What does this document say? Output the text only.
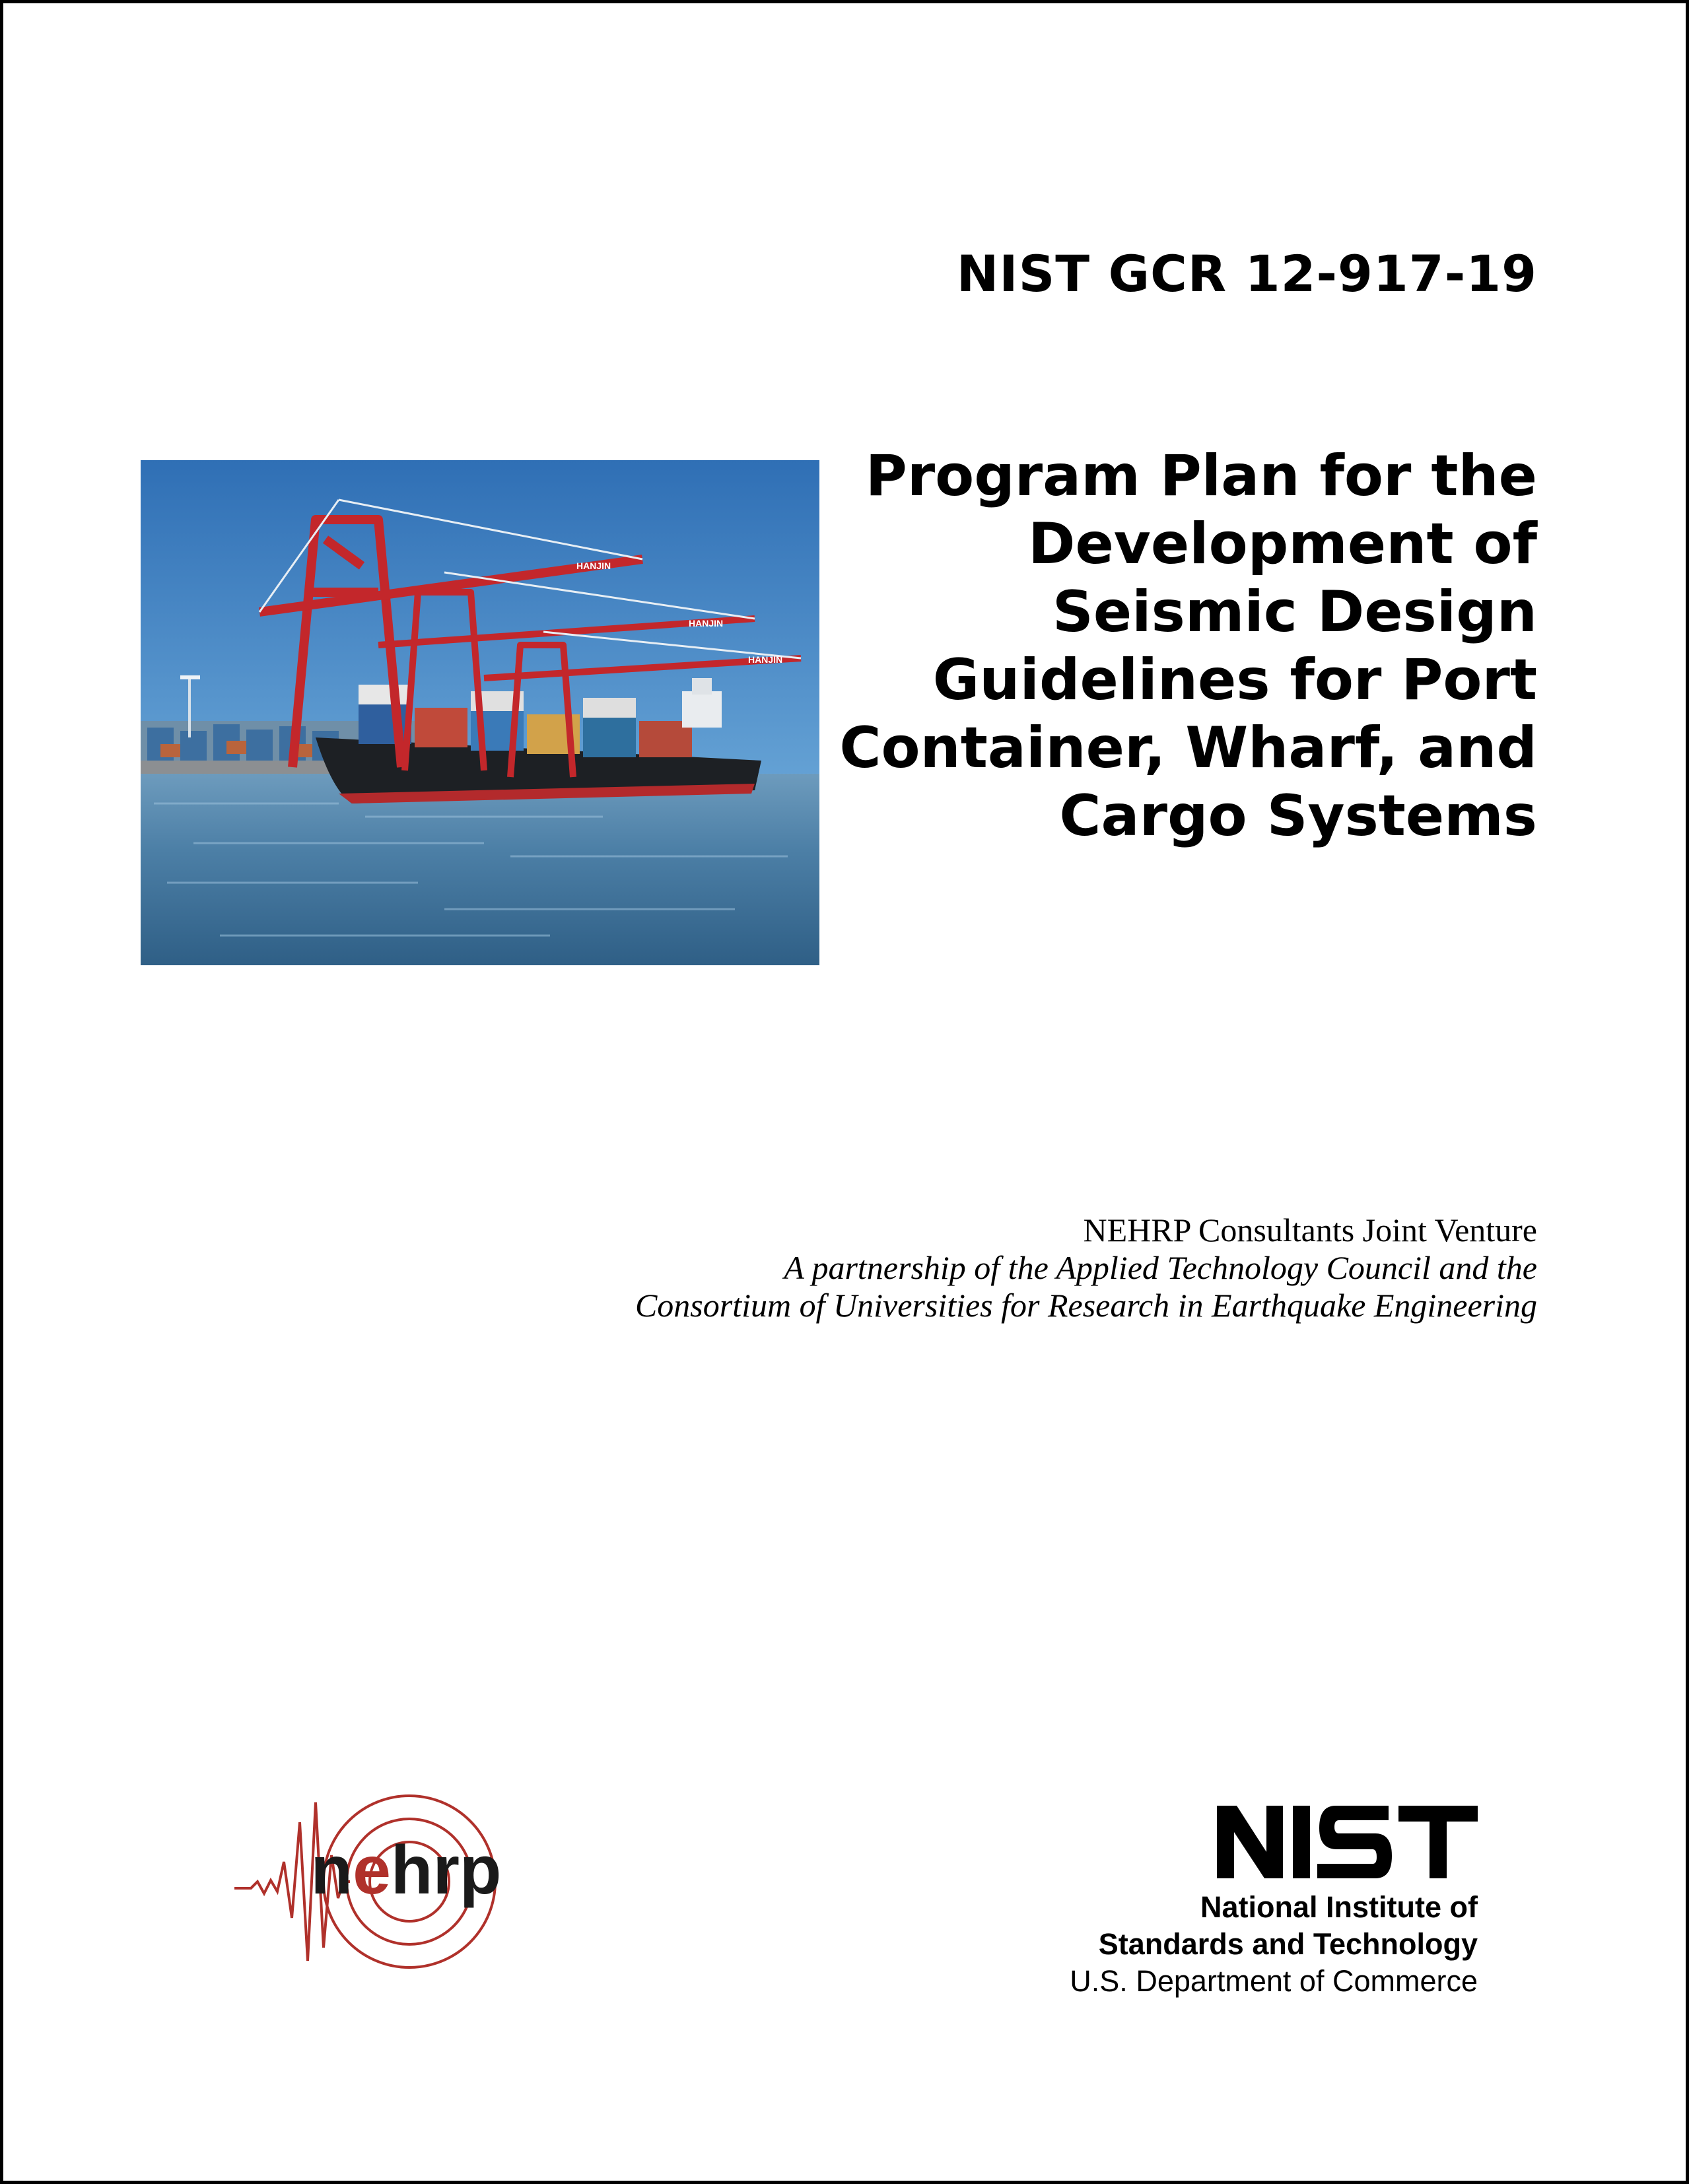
NIST GCR 12-917-19
Program Plan for the
Development of
Seismic Design
Guidelines for Port
Container, Wharf, and
Cargo Systems
HANJIN
HANJIN
HANJIN
NEHRP Consultants Joint Venture
A partnership of the Applied Technology Council and the
Consortium of Universities for Research in Earthquake Engineering
nehrp	National Institute of
Standards and Technology
U.S. Department of Commerce
